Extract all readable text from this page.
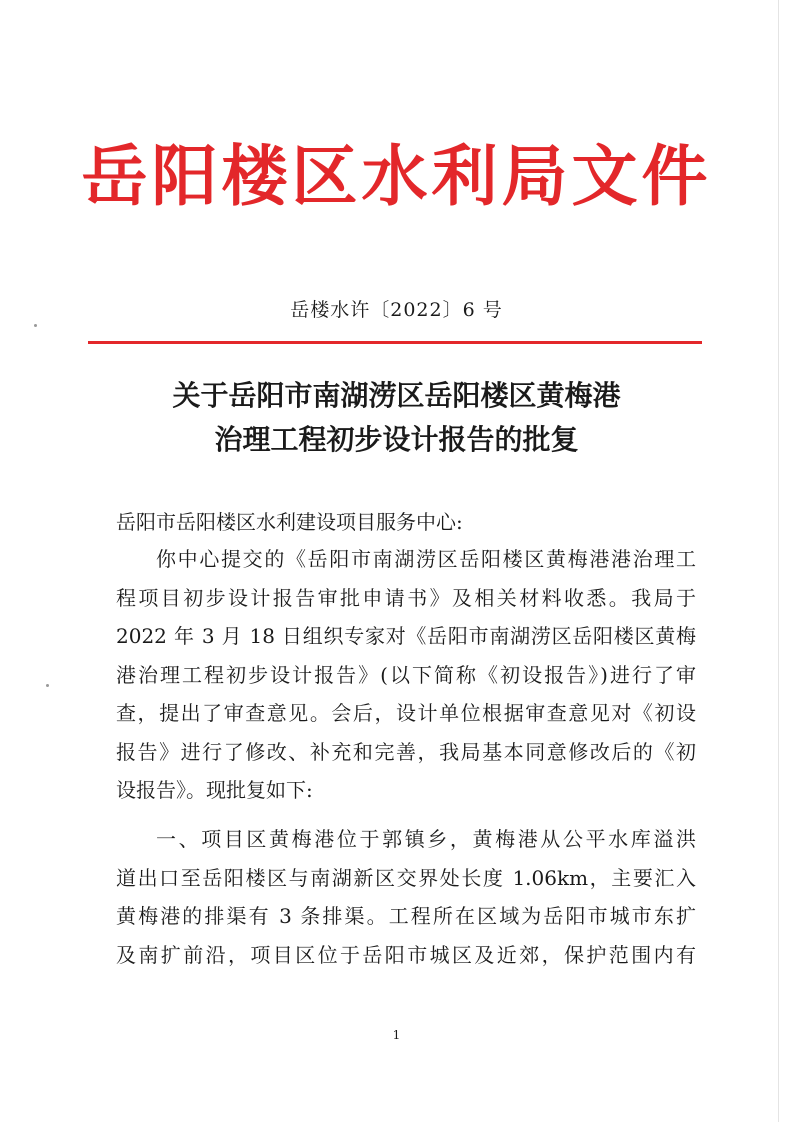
岳阳楼区水利局文件
岳楼水许〔2022〕6 号
关于岳阳市南湖涝区岳阳楼区黄梅港
治理工程初步设计报告的批复
岳阳市岳阳楼区水利建设项目服务中心:
你中心提交的《岳阳市南湖涝区岳阳楼区黄梅港港治理工
程项目初步设计报告审批申请书》及相关材料收悉。我局于
2022 年 3 月 18 日组织专家对《岳阳市南湖涝区岳阳楼区黄梅
港治理工程初步设计报告》(以下简称《初设报告》)进行了审
查，提出了审查意见。会后，设计单位根据审查意见对《初设
报告》进行了修改、补充和完善，我局基本同意修改后的《初
设报告》。现批复如下:
一、项目区黄梅港位于郭镇乡，黄梅港从公平水库溢洪
道出口至岳阳楼区与南湖新区交界处长度 1.06km，主要汇入
黄梅港的排渠有 3 条排渠。工程所在区域为岳阳市城市东扩
及南扩前沿，项目区位于岳阳市城区及近郊，保护范围内有
1
